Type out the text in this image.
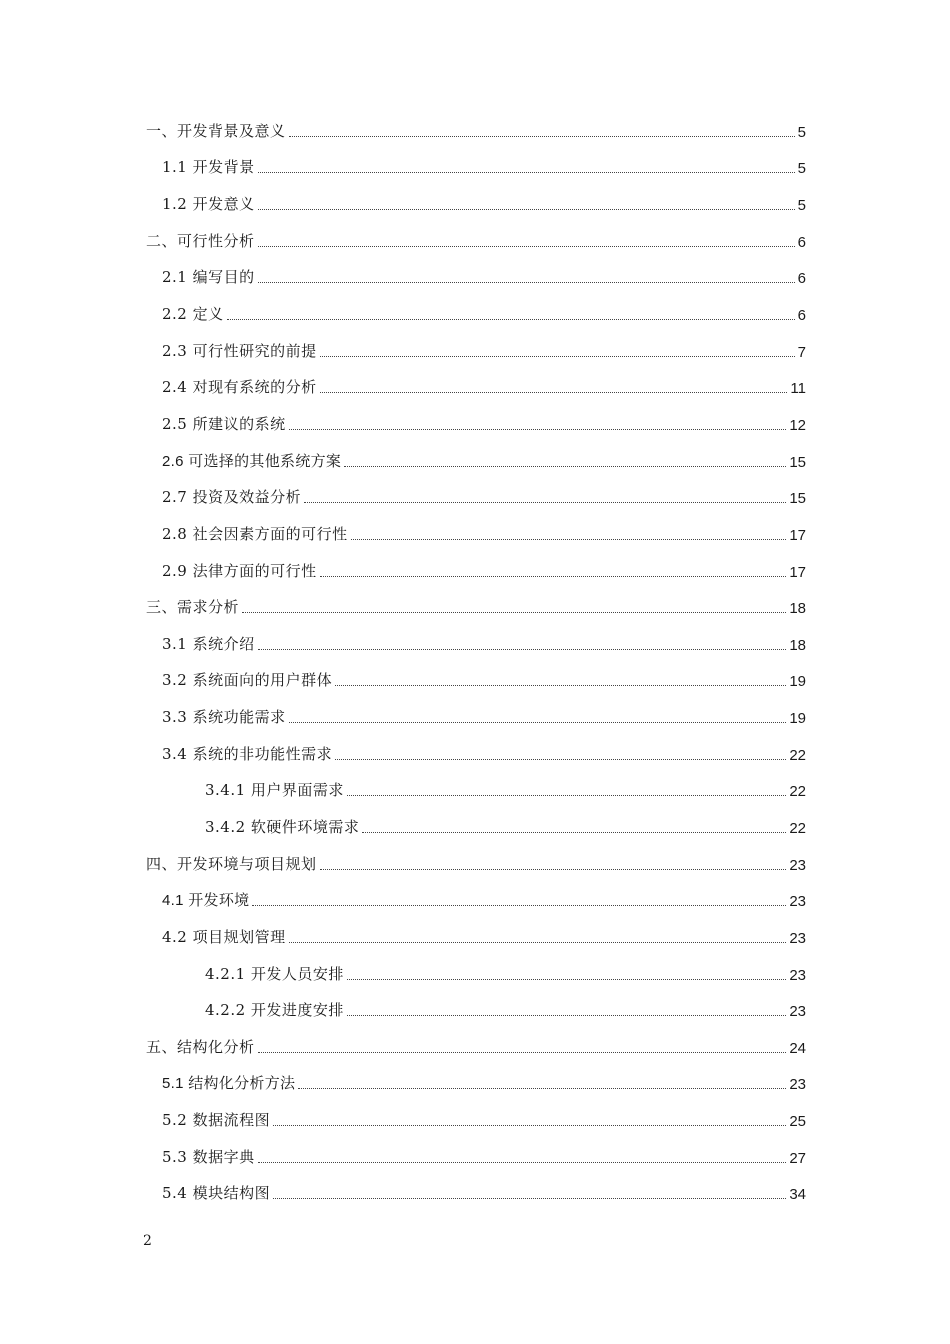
一、开发背景及意义	5
1.1 开发背景	5
1.2 开发意义	5
二、可行性分析	6
2.1 编写目的	6
2.2 定义	6
2.3 可行性研究的前提	7
2.4 对现有系统的分析	11
2.5 所建议的系统	12
2.6 可选择的其他系统方案	15
2.7 投资及效益分析	15
2.8 社会因素方面的可行性	17
2.9 法律方面的可行性	17
三、需求分析	18
3.1 系统介绍	18
3.2 系统面向的用户群体	19
3.3 系统功能需求	19
3.4 系统的非功能性需求	22
3.4.1 用户界面需求	22
3.4.2 软硬件环境需求	22
四、开发环境与项目规划	23
4.1 开发环境	23
4.2 项目规划管理	23
4.2.1 开发人员安排	23
4.2.2 开发进度安排	23
五、结构化分析	24
5.1 结构化分析方法	23
5.2 数据流程图	25
5.3 数据字典	27
5.4 模块结构图	34
2
